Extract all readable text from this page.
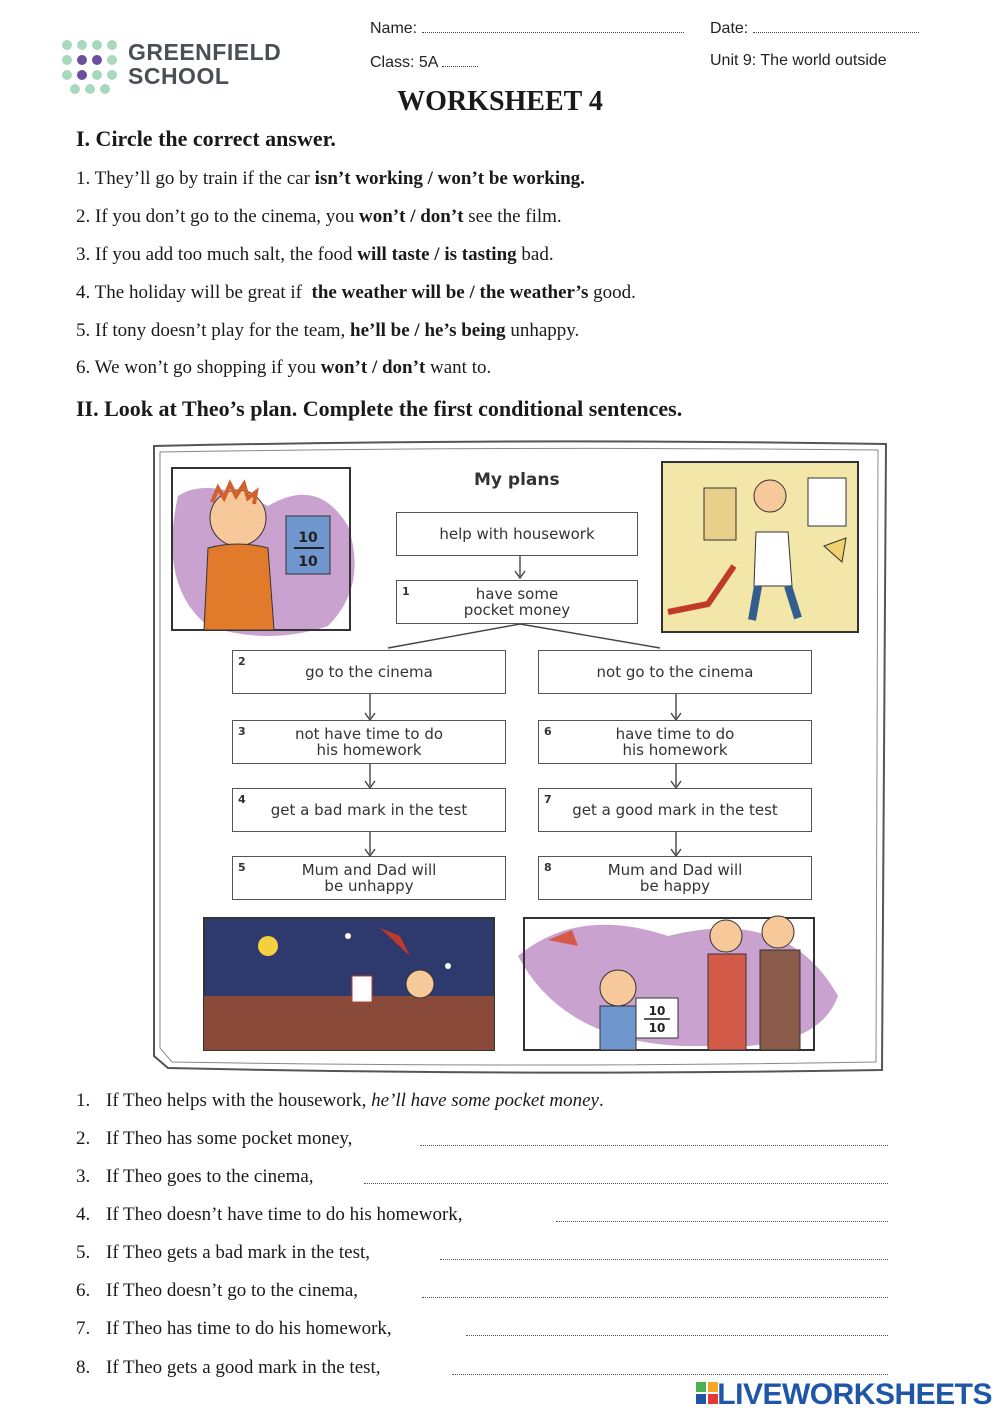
GREENFIELD
SCHOOL
Name:	Date:
Class: 5A	Unit 9: The world outside
WORKSHEET 4
I. Circle the correct answer.
1. They’ll go by train if the car isn’t working / won’t be working.
2. If you don’t go to the cinema, you won’t / don’t see the film.
3. If you add too much salt, the food will taste / is tasting bad.
4. The holiday will be great if  the weather will be / the weather’s good.
5. If tony doesn’t play for the team, he’ll be / he’s being unhappy.
6. We won’t go shopping if you won’t / don’t want to.
II. Look at Theo’s plan. Complete the first conditional sentences.
10
10
10
10
My plans
help with housework
1	have some
pocket money
2
go to the cinema
3	not have time to do
his homework
4
get a bad mark in the test
5	Mum and Dad will
be unhappy
not go to the cinema
6	have time to do
his homework
7
get a good mark in the test
8	Mum and Dad will
be happy
1. If Theo helps with the housework, he’ll have some pocket money.
2. If Theo has some pocket money,
3. If Theo goes to the cinema,
4. If Theo doesn’t have time to do his homework,
5. If Theo gets a bad mark in the test,
6. If Theo doesn’t go to the cinema,
7. If Theo has time to do his homework,
8. If Theo gets a good mark in the test,
LIVEWORKSHEETS
